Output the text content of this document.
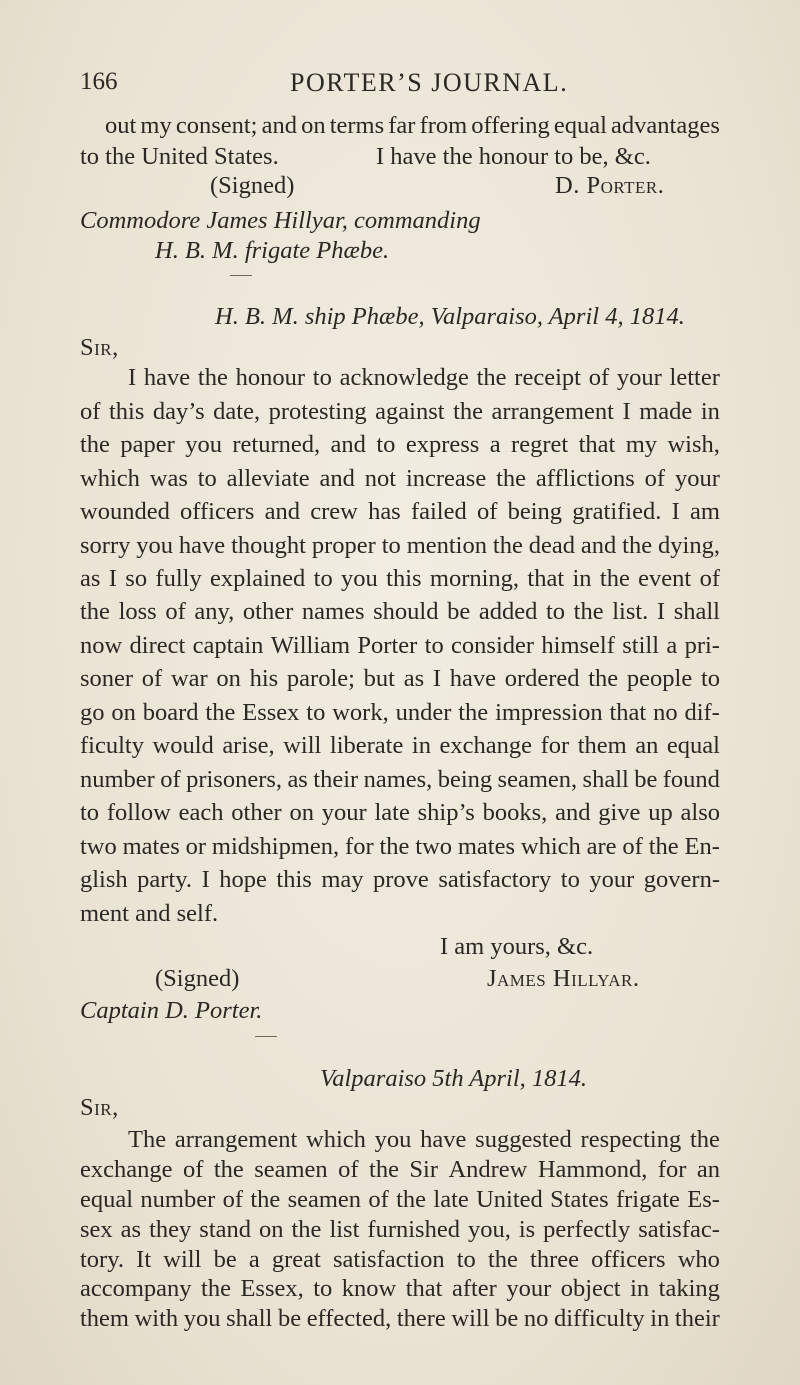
166	PORTER’S JOURNAL.
out my consent; and on terms far from offering equal advantages
to the United States.	I have the honour to be, &c.
(Signed)	D. Porter.
Commodore James Hillyar, commanding
H. B. M. frigate Phæbe.
H. B. M. ship Phæbe, Valparaiso, April 4, 1814.
Sir,
I have the honour to acknowledge the receipt of your letter
of this day’s date, protesting against the arrangement I made in
the paper you returned, and to express a regret that my wish,
which was to alleviate and not increase the afflictions of your
wounded officers and crew has failed of being gratified. I am
sorry you have thought proper to mention the dead and the dying,
as I so fully explained to you this morning, that in the event of
the loss of any, other names should be added to the list. I shall
now direct captain William Porter to consider himself still a pri-
soner of war on his parole; but as I have ordered the people to
go on board the Essex to work, under the impression that no dif-
ficulty would arise, will liberate in exchange for them an equal
number of prisoners, as their names, being seamen, shall be found
to follow each other on your late ship’s books, and give up also
two mates or midshipmen, for the two mates which are of the En-
glish party. I hope this may prove satisfactory to your govern-
ment and self.
I am yours, &c.
(Signed)	James Hillyar.
Captain D. Porter.
Valparaiso 5th April, 1814.
Sir,
The arrangement which you have suggested respecting the
exchange of the seamen of the Sir Andrew Hammond, for an
equal number of the seamen of the late United States frigate Es-
sex as they stand on the list furnished you, is perfectly satisfac-
tory. It will be a great satisfaction to the three officers who
accompany the Essex, to know that after your object in taking
them with you shall be effected, there will be no difficulty in their
